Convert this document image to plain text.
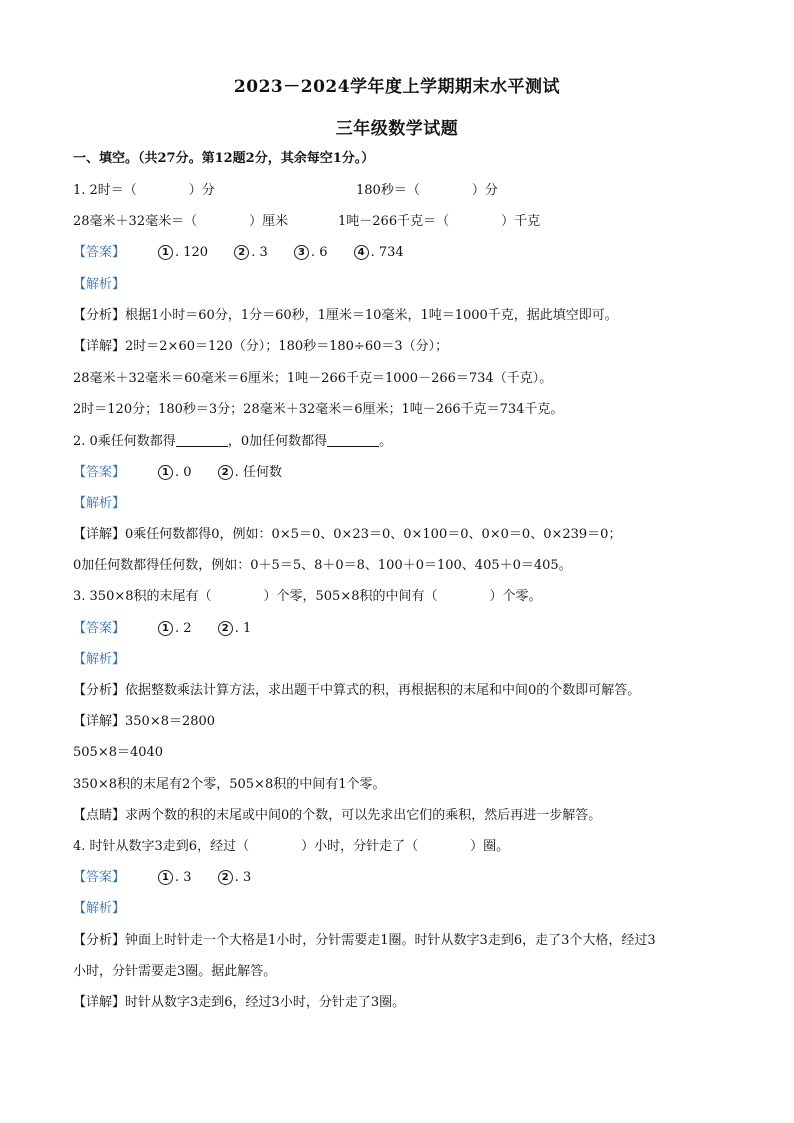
2023－2024学年度上学期期末水平测试
三年级数学试题
一、填空。（共27分。第12题2分，其余每空1分。）
1. 2时＝（　　　　）分	180秒＝（　　　　）分
28毫米＋32毫米＝（　　　　）厘米	1吨－266千克＝（　　　　）千克
【答案】	1 . 120	2 . 3	3 . 6	4 . 734
【解析】
【分析】根据1小时＝60分，1分＝60秒，1厘米＝10毫米，1吨＝1000千克，据此填空即可。
【详解】2时＝2×60＝120（分）；180秒＝180÷60＝3（分）；
28毫米＋32毫米＝60毫米＝6厘米；1吨－266千克＝1000－266＝734（千克）。
2时＝120分；180秒＝3分；28毫米＋32毫米＝6厘米；1吨－266千克＝734千克。
2. 0乘任何数都得	，0加任何数都得	。
【答案】	1 . 0	2 . 任何数
【解析】
【详解】0乘任何数都得0，例如：0×5＝0、0×23＝0、0×100＝0、0×0＝0、0×239＝0；
0加任何数都得任何数，例如：0＋5＝5、8＋0＝8、100＋0＝100、405＋0＝405。
3. 350×8积的末尾有（　　　　）个零，505×8积的中间有（　　　　）个零。
【答案】	1 . 2	2 . 1
【解析】
【分析】依据整数乘法计算方法，求出题干中算式的积，再根据积的末尾和中间0的个数即可解答。
【详解】350×8＝2800
505×8＝4040
350×8积的末尾有2个零，505×8积的中间有1个零。
【点睛】求两个数的积的末尾或中间0的个数，可以先求出它们的乘积，然后再进一步解答。
4. 时针从数字3走到6，经过（　　　　）小时，分针走了（　　　　）圈。
【答案】	1 . 3	2 . 3
【解析】
【分析】钟面上时针走一个大格是1小时，分针需要走1圈。时针从数字3走到6，走了3个大格，经过3
小时，分针需要走3圈。据此解答。
【详解】时针从数字3走到6，经过3小时，分针走了3圈。
